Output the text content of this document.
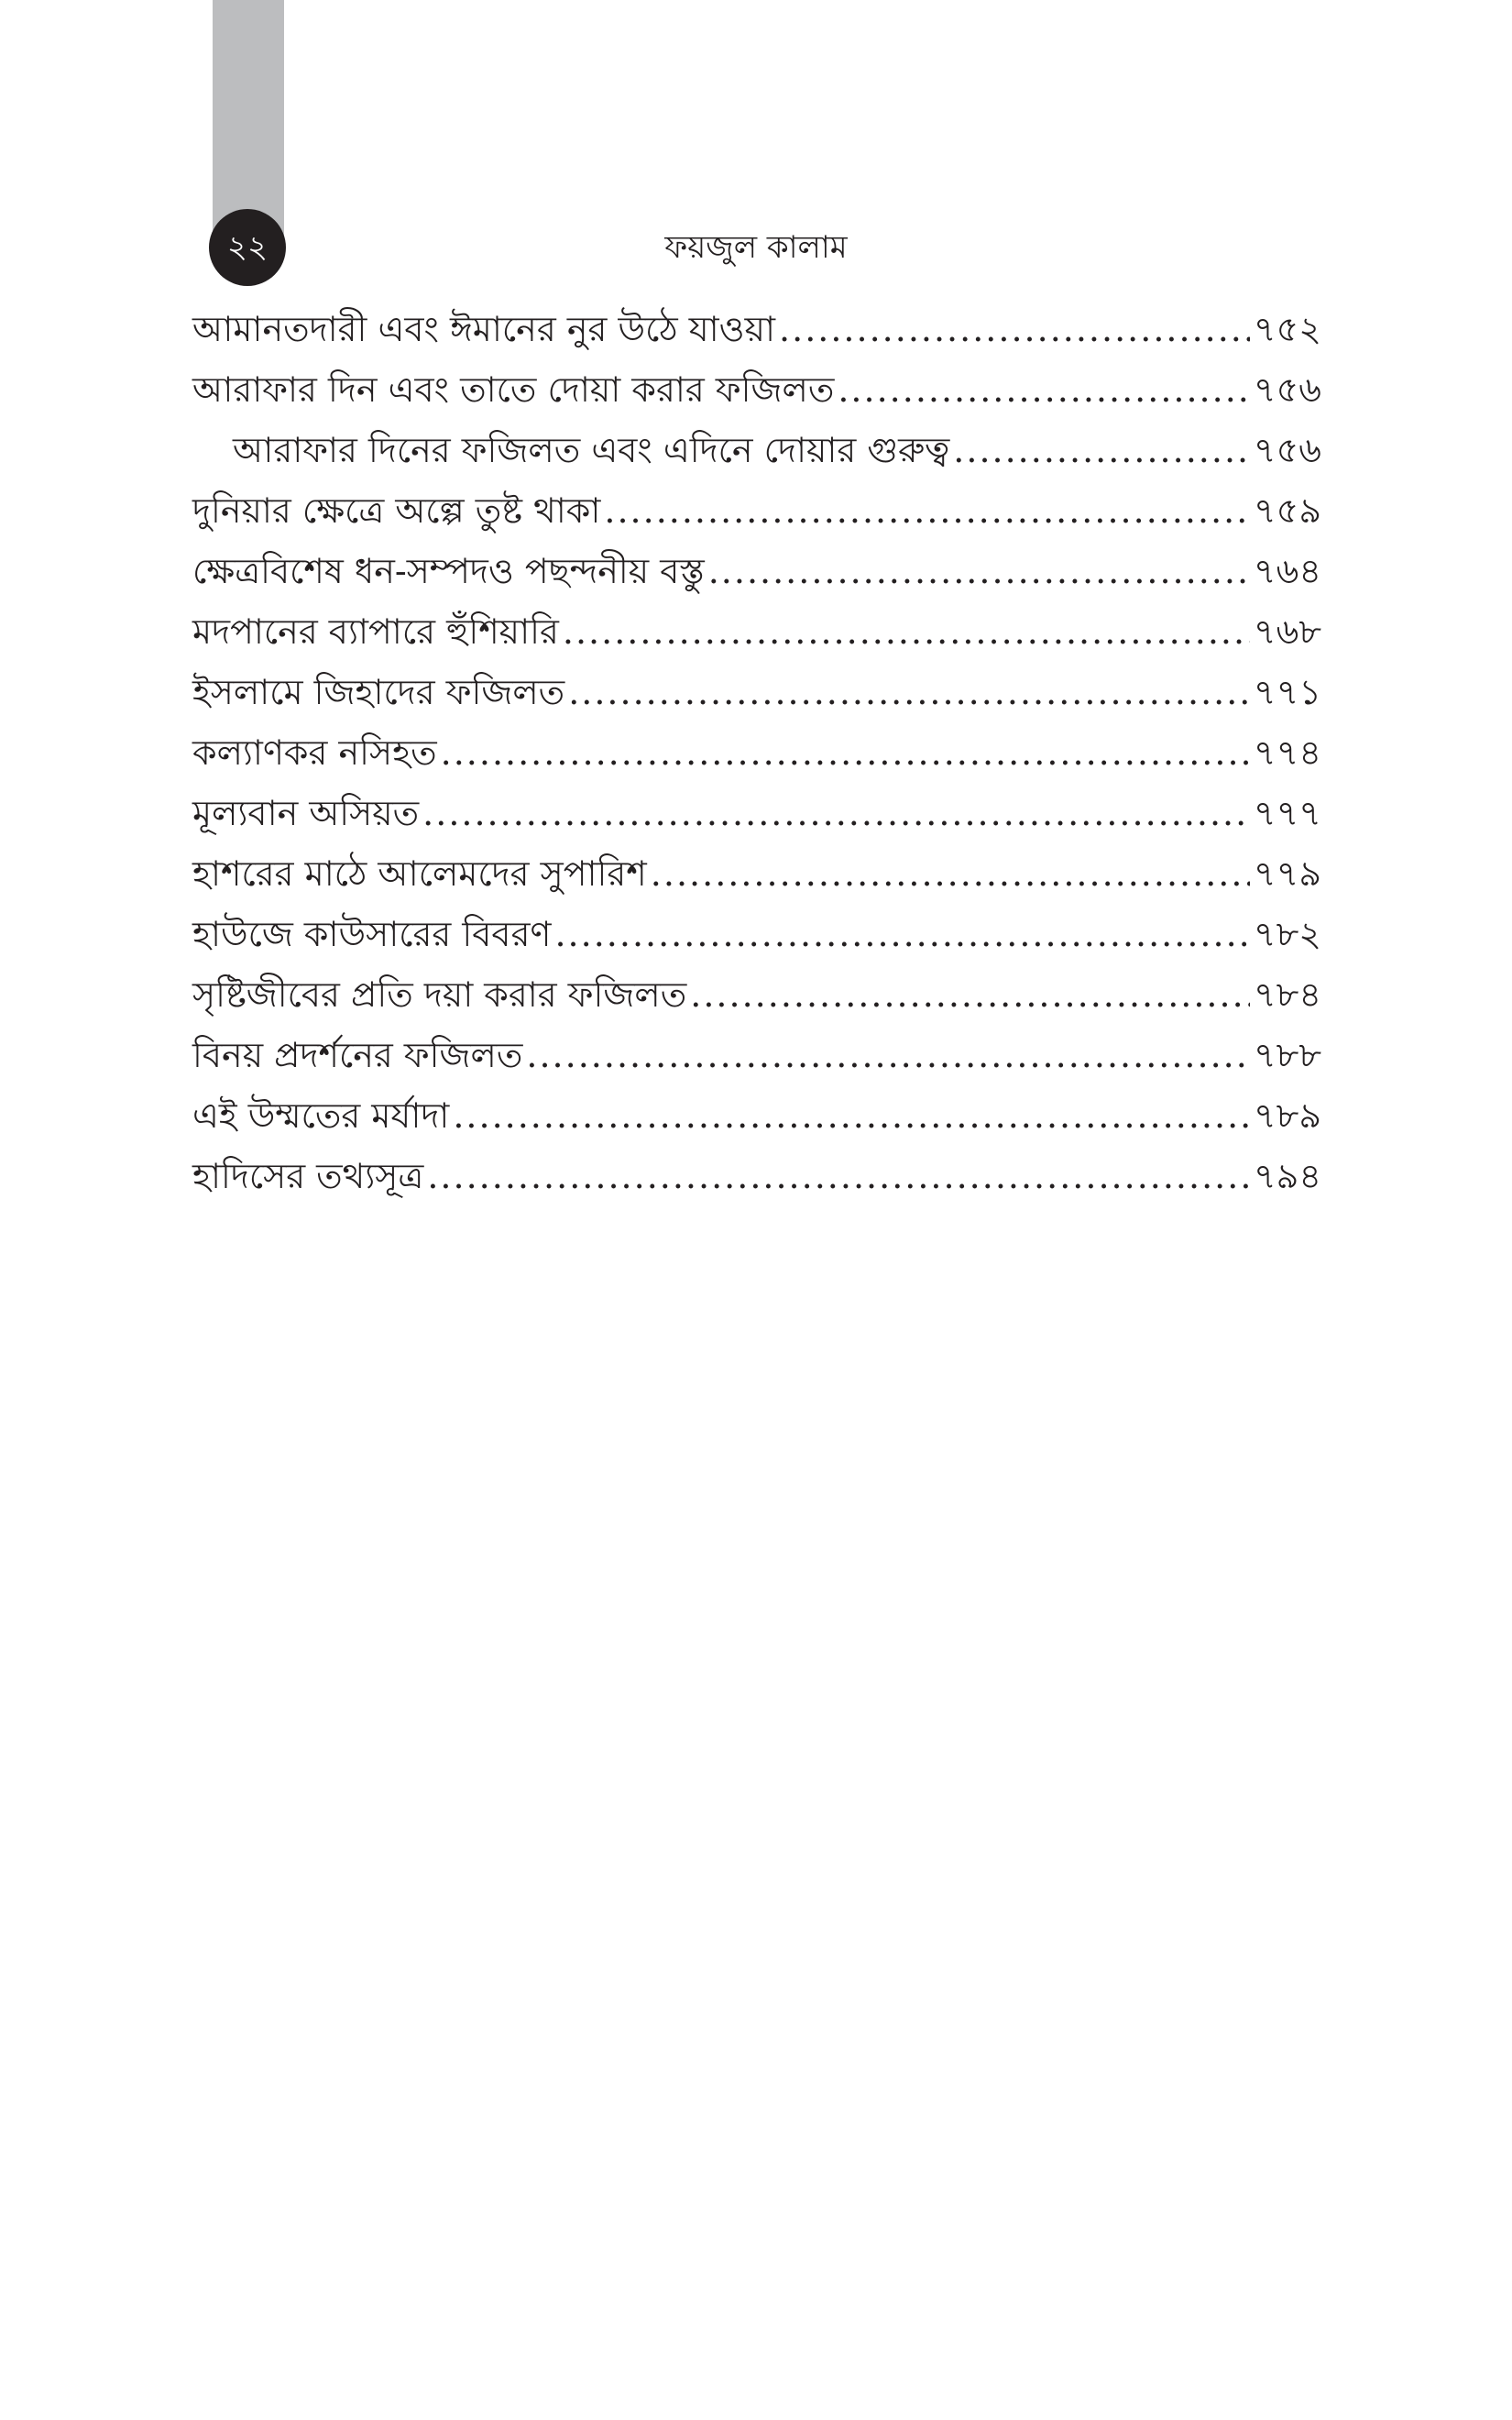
২২	ফয়জুল কালাম
আমানতদারী এবং ঈমানের নুর উঠে যাওয়া .....	৭৫২
আরাফার দিন এবং তাতে দোয়া করার ফজিলত .....	৭৫৬
আরাফার দিনের ফজিলত এবং এদিনে দোয়ার গুরুত্ব .....	৭৫৬
দুনিয়ার ক্ষেত্রে অল্পে তুষ্ট থাকা .....	৭৫৯
ক্ষেত্রবিশেষ ধন-সম্পদও পছন্দনীয় বস্তু .....	৭৬৪
মদপানের ব্যাপারে হুঁশিয়ারি .....	৭৬৮
ইসলামে জিহাদের ফজিলত .....	৭৭১
কল্যাণকর নসিহত .....	৭৭৪
মূল্যবান অসিয়ত .....	৭৭৭
হাশরের মাঠে আলেমদের সুপারিশ .....	৭৭৯
হাউজে কাউসারের বিবরণ .....	৭৮২
সৃষ্টিজীবের প্রতি দয়া করার ফজিলত .....	৭৮৪
বিনয় প্রদর্শনের ফজিলত .....	৭৮৮
এই উম্মতের মর্যাদা .....	৭৮৯
হাদিসের তথ্যসূত্র .....	৭৯৪
